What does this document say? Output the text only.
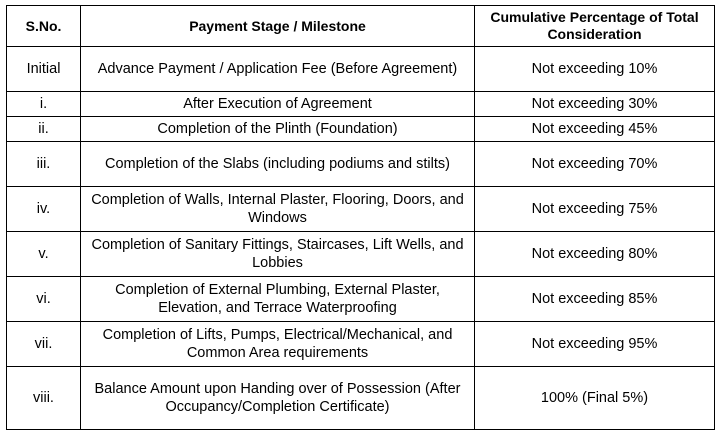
S.No.	Payment Stage / Milestone	Cumulative Percentage of Total Consideration
Initial	Advance Payment / Application Fee (Before Agreement)	Not exceeding 10%
i.	After Execution of Agreement	Not exceeding 30%
ii.	Completion of the Plinth (Foundation)	Not exceeding 45%
iii.	Completion of the Slabs (including podiums and stilts)	Not exceeding 70%
iv.	Completion of Walls, Internal Plaster, Flooring, Doors, and Windows	Not exceeding 75%
v.	Completion of Sanitary Fittings, Staircases, Lift Wells, and Lobbies	Not exceeding 80%
vi.	Completion of External Plumbing, External Plaster, Elevation, and Terrace Waterproofing	Not exceeding 85%
vii.	Completion of Lifts, Pumps, Electrical/Mechanical, and Common Area requirements	Not exceeding 95%
viii.	Balance Amount upon Handing over of Possession (After Occupancy/Completion Certificate)	100% (Final 5%)
